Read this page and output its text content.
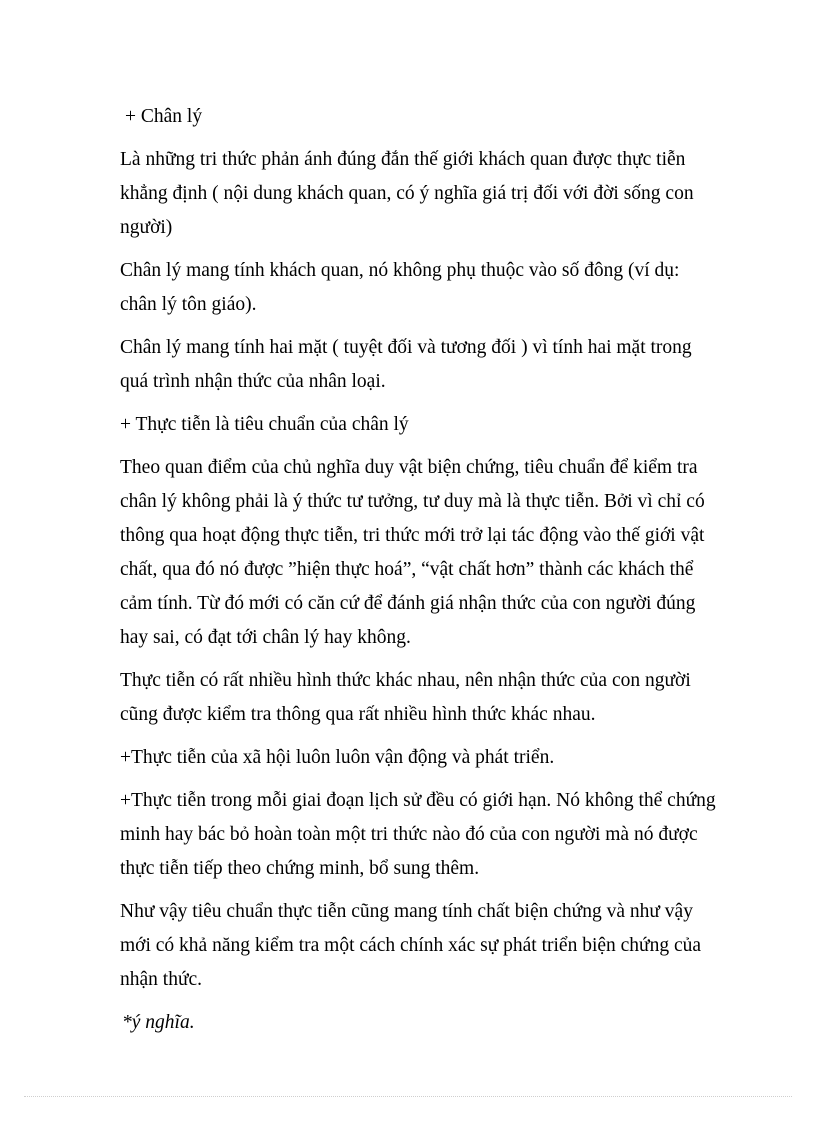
+ Chân lý

Là những tri thức phản ánh đúng đắn thế giới khách quan được thực tiễn khẳng định ( nội dung khách quan, có ý nghĩa giá trị đối với đời sống con người)

Chân lý mang tính khách quan, nó không phụ thuộc vào số đông (ví dụ: chân lý tôn giáo).

Chân lý mang tính hai mặt ( tuyệt đối và tương đối ) vì tính hai mặt trong quá trình nhận thức của nhân loại.

+ Thực tiễn là tiêu chuẩn của chân lý

Theo quan điểm của chủ nghĩa duy vật biện chứng, tiêu chuẩn để kiểm tra chân lý không phải là ý thức tư tưởng, tư duy mà là thực tiễn. Bởi vì chỉ có thông qua hoạt động thực tiễn, tri thức mới trở lại tác động vào thế giới vật chất, qua đó nó được ”hiện thực hoá”, “vật chất hơn” thành các khách thể cảm tính. Từ đó mới có căn cứ để đánh giá nhận thức của con người đúng hay sai, có đạt tới chân lý hay không.

Thực tiễn có rất nhiều hình thức khác nhau, nên nhận thức của con người cũng được kiểm tra thông qua rất nhiều hình thức khác nhau.

+Thực tiễn của xã hội luôn luôn vận động và phát triển.

+Thực tiễn trong mỗi giai đoạn lịch sử đều có giới hạn. Nó không thể chứng minh hay bác bỏ hoàn toàn một tri thức nào đó của con người mà nó được thực tiễn tiếp theo chứng minh, bổ sung thêm.

Như vậy tiêu chuẩn thực tiễn cũng mang tính chất biện chứng và như vậy mới có khả năng kiểm tra một cách chính xác sự phát triển biện chứng của nhận thức.

*ý nghĩa.
